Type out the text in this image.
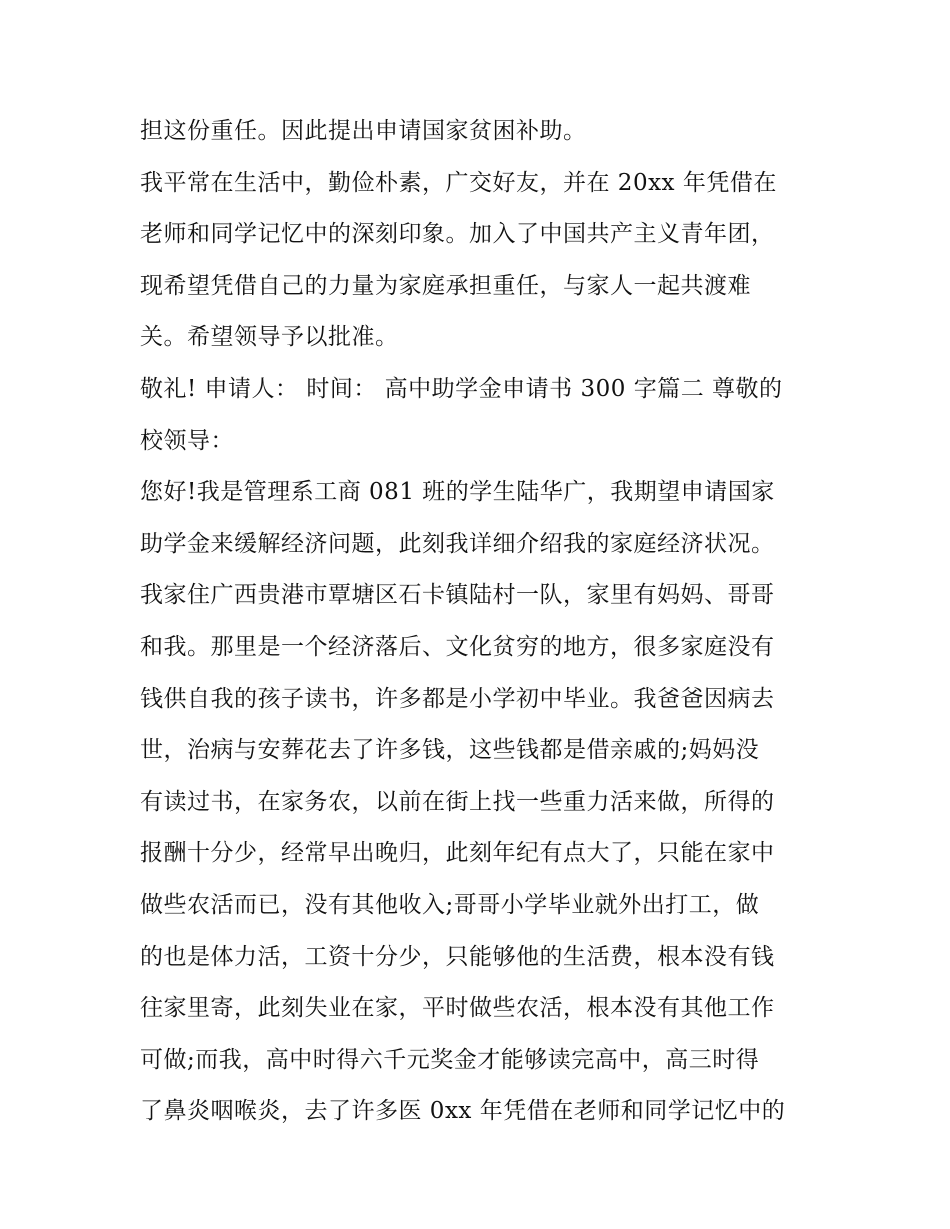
担这份重任。因此提出申请国家贫困补助。
我平常在生活中，勤俭朴素，广交好友，并在 20xx 年凭借在
老师和同学记忆中的深刻印象。加入了中国共产主义青年团，
现希望凭借自己的力量为家庭承担重任，与家人一起共渡难
关。希望领导予以批准。
敬礼! 申请人： 时间： 高中助学金申请书 300 字篇二 尊敬的
校领导：
您好!我是管理系工商 081 班的学生陆华广，我期望申请国家
助学金来缓解经济问题，此刻我详细介绍我的家庭经济状况。
我家住广西贵港市覃塘区石卡镇陆村一队，家里有妈妈、哥哥
和我。那里是一个经济落后、文化贫穷的地方，很多家庭没有
钱供自我的孩子读书，许多都是小学初中毕业。我爸爸因病去
世，治病与安葬花去了许多钱，这些钱都是借亲戚的;妈妈没
有读过书，在家务农，以前在街上找一些重力活来做，所得的
报酬十分少，经常早出晚归，此刻年纪有点大了，只能在家中
做些农活而已，没有其他收入;哥哥小学毕业就外出打工，做
的也是体力活，工资十分少，只能够他的生活费，根本没有钱
往家里寄，此刻失业在家，平时做些农活，根本没有其他工作
可做;而我，高中时得六千元奖金才能够读完高中，高三时得
了鼻炎咽喉炎，去了许多医 0xx 年凭借在老师和同学记忆中的
